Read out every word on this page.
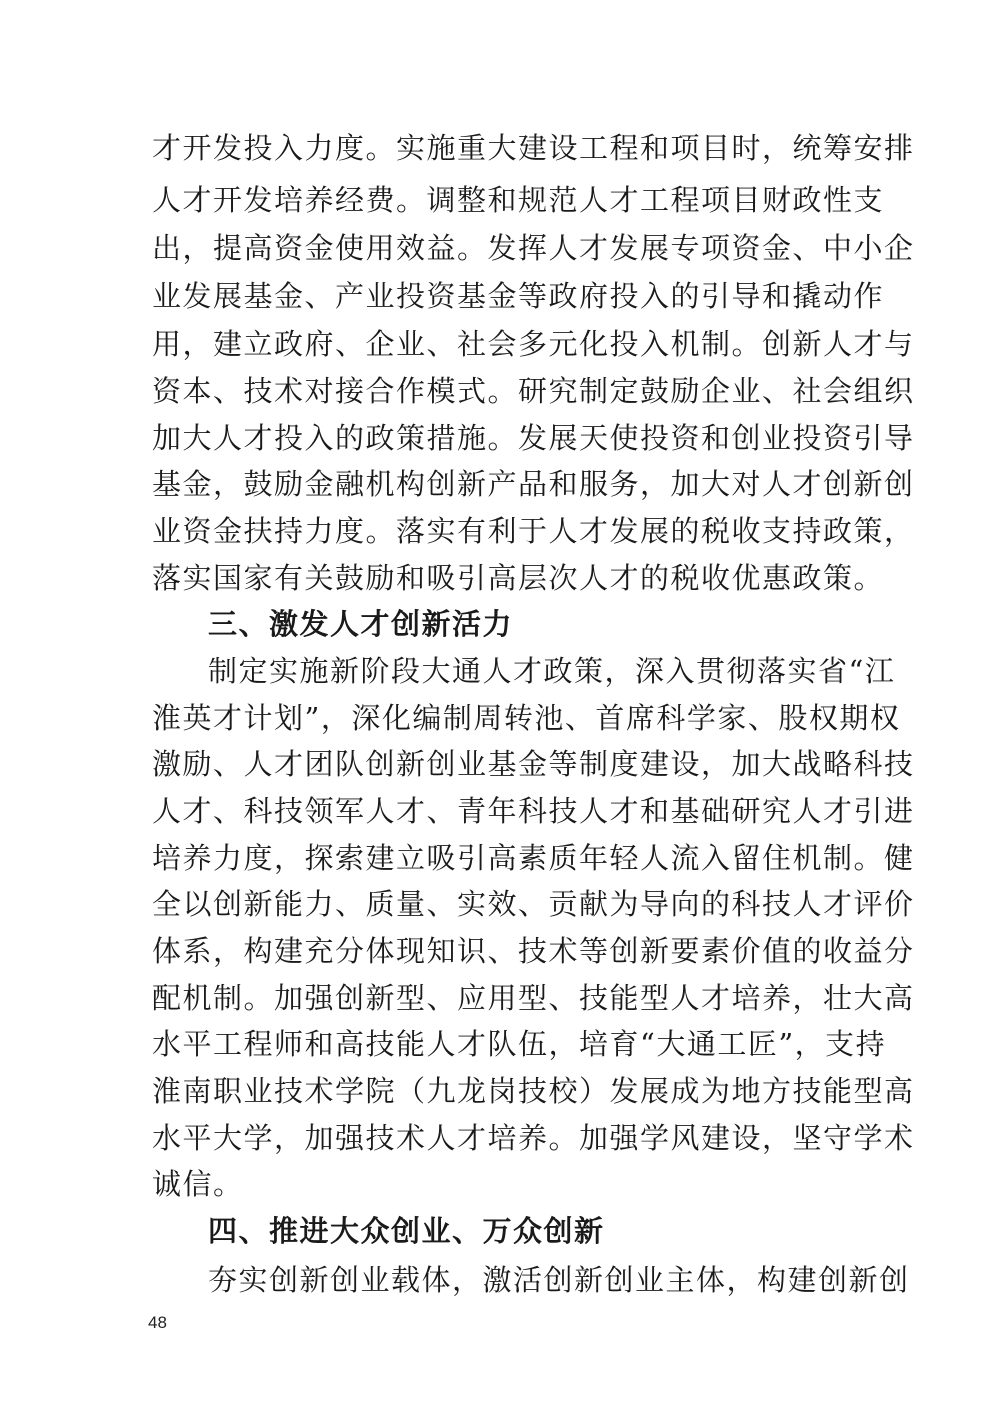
才开发投入力度。实施重大建设工程和项目时，统筹安排
人才开发培养经费。调整和规范人才工程项目财政性支
出，提高资金使用效益。发挥人才发展专项资金、中小企
业发展基金、产业投资基金等政府投入的引导和撬动作
用，建立政府、企业、社会多元化投入机制。创新人才与
资本、技术对接合作模式。研究制定鼓励企业、社会组织
加大人才投入的政策措施。发展天使投资和创业投资引导
基金，鼓励金融机构创新产品和服务，加大对人才创新创
业资金扶持力度。落实有利于人才发展的税收支持政策，
落实国家有关鼓励和吸引高层次人才的税收优惠政策。
三、激发人才创新活力
制定实施新阶段大通人才政策，深入贯彻落实省“江
淮英才计划”，深化编制周转池、首席科学家、股权期权
激励、人才团队创新创业基金等制度建设，加大战略科技
人才、科技领军人才、青年科技人才和基础研究人才引进
培养力度，探索建立吸引高素质年轻人流入留住机制。健
全以创新能力、质量、实效、贡献为导向的科技人才评价
体系，构建充分体现知识、技术等创新要素价值的收益分
配机制。加强创新型、应用型、技能型人才培养，壮大高
水平工程师和高技能人才队伍，培育“大通工匠”，支持
淮南职业技术学院（九龙岗技校）发展成为地方技能型高
水平大学，加强技术人才培养。加强学风建设，坚守学术
诚信。
四、推进大众创业、万众创新
夯实创新创业载体，激活创新创业主体，构建创新创
48
